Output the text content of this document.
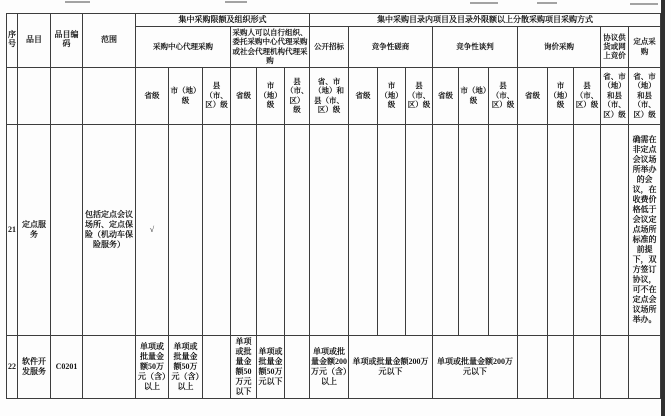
序号	品目	品目编码	范围	集中采购限额及组织形式						集中采购目录内项目及目录外限额以上分散采购项目采购方式											
				采购中心代理采购			采购人可以自行组织、委托采购中心代理采购或社会代理机构代理采购			公开招标	竞争性磋商			竞争性谈判			询价采购			协议供货或网上竞价	定点采购
				省级	市（地）级	县（市、区）级	省级	市（地）级	县（市、区）级	省、市（地）和县（市、区）级	省级	市（地）级	县（市、区）级	省级	市（地）级	县（市、区）级	省级	市（地）级	县（市、区）级	省、市（地）和县（市、区）级	省、市（地）和县（市、区）级
21	定点服务		包括定点会议场所、定点保险（机动车保险服务）	√																	确需在非定点会议场所举办的会议，在收费价格低于会议定点场所标准的前提下，双方签订协议，可不在定点会议场所举办。
22	软件开发服务	C0201		单项或批量金额50万元（含）以上	单项或批量金额50万元（含）以上		单项或批量金额50万元以下	单项或批量金额50万元以下		单项或批量金额200万元（含）以上	单项或批量金额200万元以下			单项或批量金额200万元以下							
